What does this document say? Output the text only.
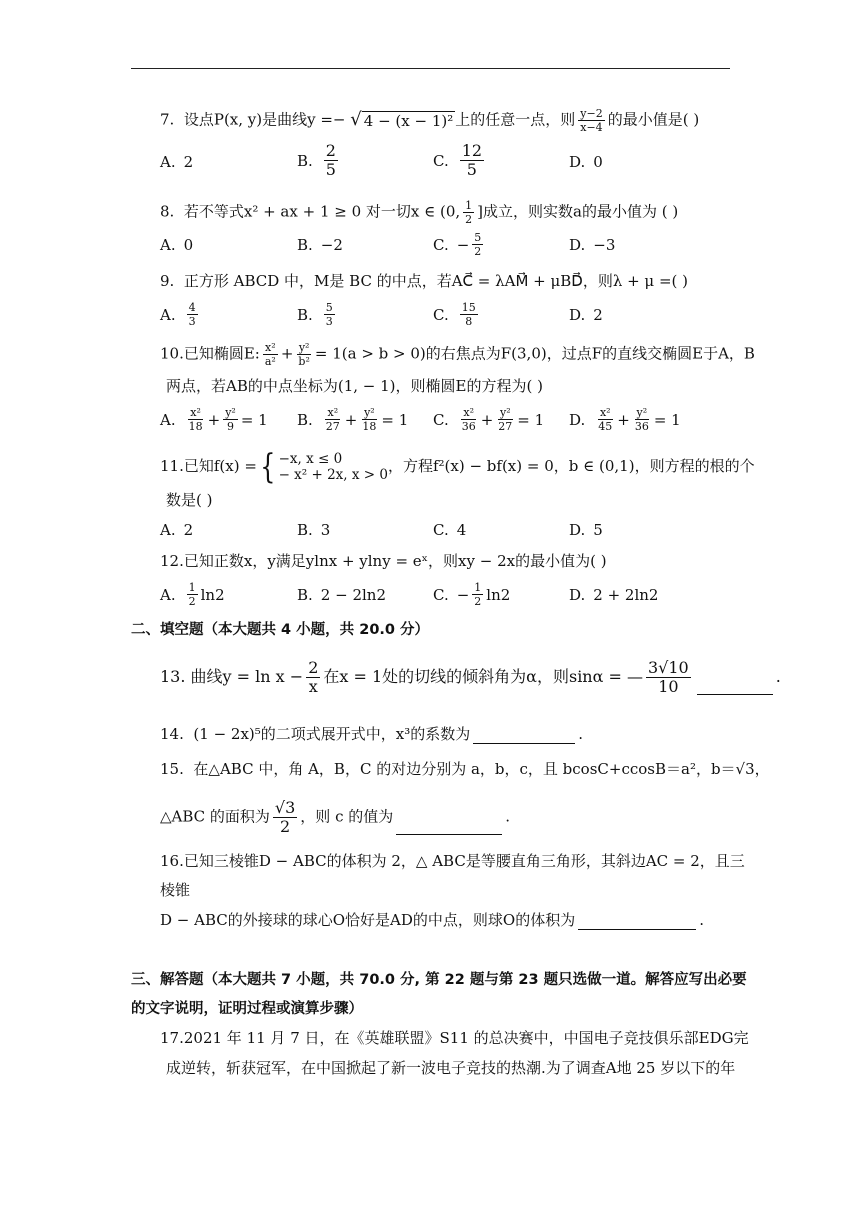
7. 设点P(x, y)是曲线y =− √ 4 − (x − 1)² 上的任意一点，则 $\frac{y-2}{x-4}$ 的最小值是( )
A. 2	B. $\frac{2}{5}$	C. $\frac{12}{5}$	D. 0
8. 若不等式x² + ax + 1 ≥ 0 对一切x ∈ (0, $\frac{1}{2}$ ]成立，则实数a的最小值为 ( )
A. 0	B. −2	C. − $\frac{5}{2}$	D. −3
9. 正方形 ABCD 中，M是 BC 的中点，若AC⃗ = λAM⃗ + μBD⃗，则λ + μ =( )
A. $\frac{4}{3}$	B. $\frac{5}{3}$	C. $\frac{15}{8}$	D. 2
10.已知椭圆E: $\frac{\text{x²}}{\text{a²}} + \frac{\text{y²}}{\text{b²}} = 1(a > b > 0)$的右焦点为F(3,0)，过点F的直线交椭圆E于A，B
两点，若AB的中点坐标为(1, − 1)，则椭圆E的方程为( )
A. $\frac{\text{x²}}{18} + \frac{\text{y²}}{9} = 1$ B. $\frac{\text{x²}}{27} + \frac{\text{y²}}{18} = 1$ C. $\frac{\text{x²}}{36} + \frac{\text{y²}}{27} = 1$ D. $\frac{\text{x²}}{45} + \frac{\text{y²}}{36} = 1$
11.已知f(x) = { −x, x ≤ 0
− x² + 2x, x > 0 ，方程f²(x) − bf(x) = 0，b ∈ (0,1)，则方程的根的个
数是( )
A. 2	B. 3	C. 4	D. 5
12.已知正数x，y满足ylnx + ylny = eˣ，则xy − 2x的最小值为( )
A. $\frac{1}{2} \ln 2$	B. 2 − 2ln2	C. − $\frac{1}{2} \ln 2$	D. 2 + 2ln2
二、填空题（本大题共 4 小题，共 20.0 分）
13. 曲线$y = \ln x - \frac{2}{x}$ 在x = 1处的切线的倾斜角为α，则sinα = — $\frac{3√10}{10}$	.
14. (1 − 2x)⁵的二项式展开式中，x³的系数为	.
15. 在△ABC 中，角 A，B，C 的对边分别为 a，b，c，且 bcosC+ccosB＝a²，b＝√3，
△ABC 的面积为 $\frac{√3}{2}$ ，则 c 的值为	.
16.已知三棱锥D − ABC的体积为 2，△ ABC是等腰直角三角形，其斜边AC = 2，且三
棱锥
D − ABC的外接球的球心O恰好是AD的中点，则球O的体积为	.
三、解答题（本大题共 7 小题，共 70.0 分, 第 22 题与第 23 题只选做一道。解答应写出必要
的文字说明，证明过程或演算步骤）
17.2021 年 11 月 7 日，在《英雄联盟》S11 的总决赛中，中国电子竞技俱乐部EDG完
成逆转，斩获冠军，在中国掀起了新一波电子竞技的热潮.为了调查A地 25 岁以下的年
